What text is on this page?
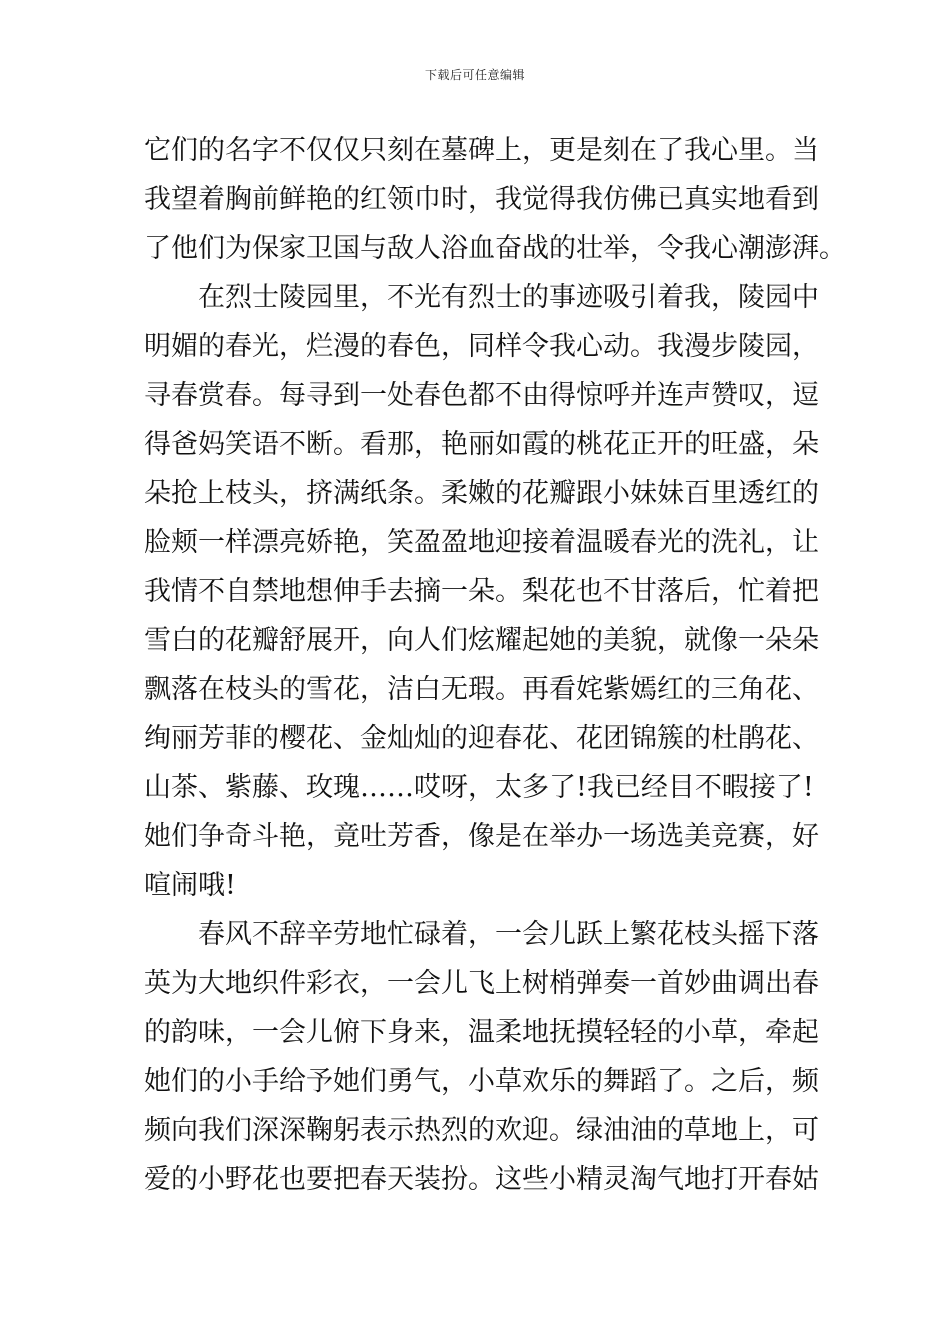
下载后可任意编辑
它们的名字不仅仅只刻在墓碑上，更是刻在了我心里。当
我望着胸前鲜艳的红领巾时，我觉得我仿佛已真实地看到
了他们为保家卫国与敌人浴血奋战的壮举，令我心潮澎湃。
在烈士陵园里，不光有烈士的事迹吸引着我，陵园中
明媚的春光，烂漫的春色，同样令我心动。我漫步陵园，
寻春赏春。每寻到一处春色都不由得惊呼并连声赞叹，逗
得爸妈笑语不断。看那，艳丽如霞的桃花正开的旺盛，朵
朵抢上枝头，挤满纸条。柔嫩的花瓣跟小妹妹百里透红的
脸颊一样漂亮娇艳，笑盈盈地迎接着温暖春光的洗礼，让
我情不自禁地想伸手去摘一朵。梨花也不甘落后，忙着把
雪白的花瓣舒展开，向人们炫耀起她的美貌，就像一朵朵
飘落在枝头的雪花，洁白无瑕。再看姹紫嫣红的三角花、
绚丽芳菲的樱花、金灿灿的迎春花、花团锦簇的杜鹃花、
山茶、紫藤、玫瑰……哎呀，太多了!我已经目不暇接了!
她们争奇斗艳，竟吐芳香，像是在举办一场选美竞赛，好
喧闹哦!
春风不辞辛劳地忙碌着，一会儿跃上繁花枝头摇下落
英为大地织件彩衣，一会儿飞上树梢弹奏一首妙曲调出春
的韵味，一会儿俯下身来，温柔地抚摸轻轻的小草，牵起
她们的小手给予她们勇气，小草欢乐的舞蹈了。之后，频
频向我们深深鞠躬表示热烈的欢迎。绿油油的草地上，可
爱的小野花也要把春天装扮。这些小精灵淘气地打开春姑
